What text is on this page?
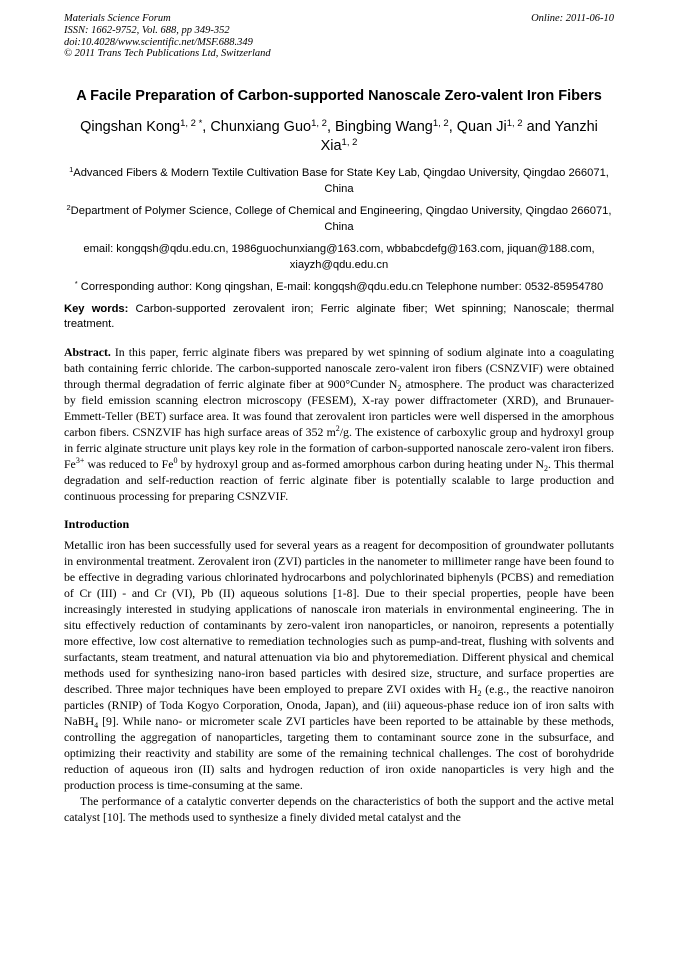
Materials Science Forum
ISSN: 1662-9752, Vol. 688, pp 349-352
doi:10.4028/www.scientific.net/MSF.688.349
© 2011 Trans Tech Publications Ltd, Switzerland
Online: 2011-06-10
A Facile Preparation of Carbon-supported Nanoscale Zero-valent Iron Fibers
Qingshan Kong$^{1, 2 *}$, Chunxiang Guo$^{1, 2}$, Bingbing Wang$^{1, 2}$, Quan Ji$^{1, 2}$ and Yanzhi Xia$^{1, 2}$
$^1$Advanced Fibers & Modern Textile Cultivation Base for State Key Lab, Qingdao University, Qingdao 266071, China
$^2$Department of Polymer Science, College of Chemical and Engineering, Qingdao University, Qingdao 266071, China
email: kongqsh@qdu.edu.cn, 1986guochunxiang@163.com, wbbabcdefg@163.com, jiquan@188.com, xiayzh@qdu.edu.cn
* Corresponding author: Kong qingshan, E-mail: kongqsh@qdu.edu.cn Telephone number: 0532-85954780
Key words: Carbon-supported zerovalent iron; Ferric alginate fiber; Wet spinning; Nanoscale; thermal treatment.
Abstract. In this paper, ferric alginate fibers was prepared by wet spinning of sodium alginate into a coagulating bath containing ferric chloride. The carbon-supported nanoscale zero-valent iron fibers (CSNZVIF) were obtained through thermal degradation of ferric alginate fiber at 900°Cunder $N_2$ atmosphere. The product was characterized by field emission scanning electron microscopy (FESEM), X-ray power diffractometer (XRD), and Brunauer-Emmett-Teller (BET) surface area. It was found that zerovalent iron particles were well dispersed in the amorphous carbon fibers. CSNZVIF has high surface areas of 352 $m^2/g$. The existence of carboxylic group and hydroxyl group in ferric alginate structure unit plays key role in the formation of carbon-supported nanoscale zero-valent iron fibers. $Fe^{3+}$ was reduced to Fe$^0$ by hydroxyl group and as-formed amorphous carbon during heating under $N_2$. This thermal degradation and self-reduction reaction of ferric alginate fiber is potentially scalable to large production and continuous processing for preparing CSNZVIF.
Introduction

Metallic iron has been successfully used for several years as a reagent for decomposition of groundwater pollutants in environmental treatment. Zerovalent iron (ZVI) particles in the nanometer to millimeter range have been found to be effective in degrading various chlorinated hydrocarbons and polychlorinated biphenyls (PCBS) and remediation of Cr (III) - and Cr (VI), Pb (II) aqueous solutions [1-8]. Due to their special properties, people have been increasingly interested in studying applications of nanoscale iron materials in environmental engineering. The in situ effectively reduction of contaminants by zero-valent iron nanoparticles, or nanoiron, represents a potentially more effective, low cost alternative to remediation technologies such as pump-and-treat, flushing with solvents and surfactants, steam treatment, and natural attenuation via bio and phytoremediation. Different physical and chemical methods used for synthesizing nano-iron based particles with desired size, structure, and surface properties are described. Three major techniques have been employed to prepare ZVI oxides with $H_2$ (e.g., the reactive nanoiron particles (RNIP) of Toda Kogyo Corporation, Onoda, Japan), and (iii) aqueous-phase reduce ion of iron salts with NaBH$_4$ [9]. While nano- or micrometer scale ZVI particles have been reported to be attainable by these methods, controlling the aggregation of nanoparticles, targeting them to contaminant source zone in the subsurface, and optimizing their reactivity and stability are some of the remaining technical challenges. The cost of borohydride reduction of aqueous iron (II) salts and hydrogen reduction of iron oxide nanoparticles is very high and the production process is time-consuming at the same.

The performance of a catalytic converter depends on the characteristics of both the support and the active metal catalyst [10]. The methods used to synthesize a finely divided metal catalyst and the
